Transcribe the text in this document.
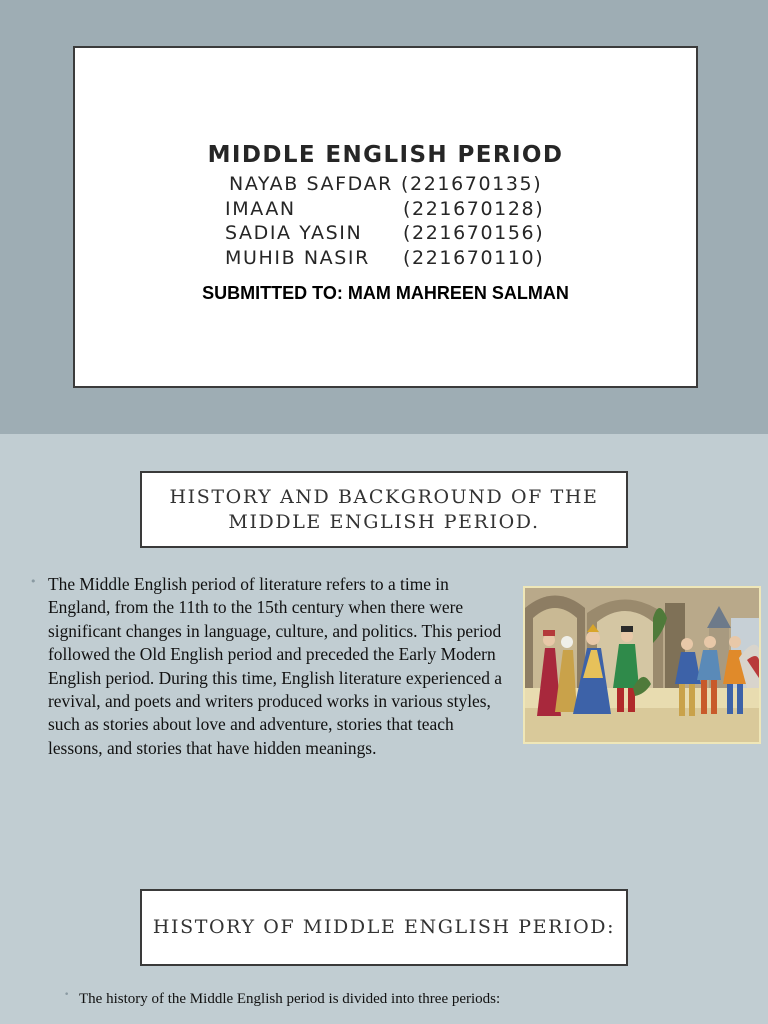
MIDDLE ENGLISH PERIOD
NAYAB SAFDAR (221670135)
IMAAN	(221670128)
SADIA YASIN (221670156)
MUHIB NASIR (221670110)
SUBMITTED TO: MAM MAHREEN SALMAN
HISTORY AND BACKGROUND OF THE MIDDLE ENGLISH PERIOD.
• The Middle English period of literature refers to a time in England, from the 11th to the 15th century when there were significant changes in language, culture, and politics. This period followed the Old English period and preceded the Early Modern English period. During this time, English literature experienced a revival, and poets and writers produced works in various styles, such as stories about love and adventure, stories that teach lessons, and stories that have hidden meanings.

HISTORY OF MIDDLE ENGLISH PERIOD:
• The history of the Middle English period is divided into three periods:
